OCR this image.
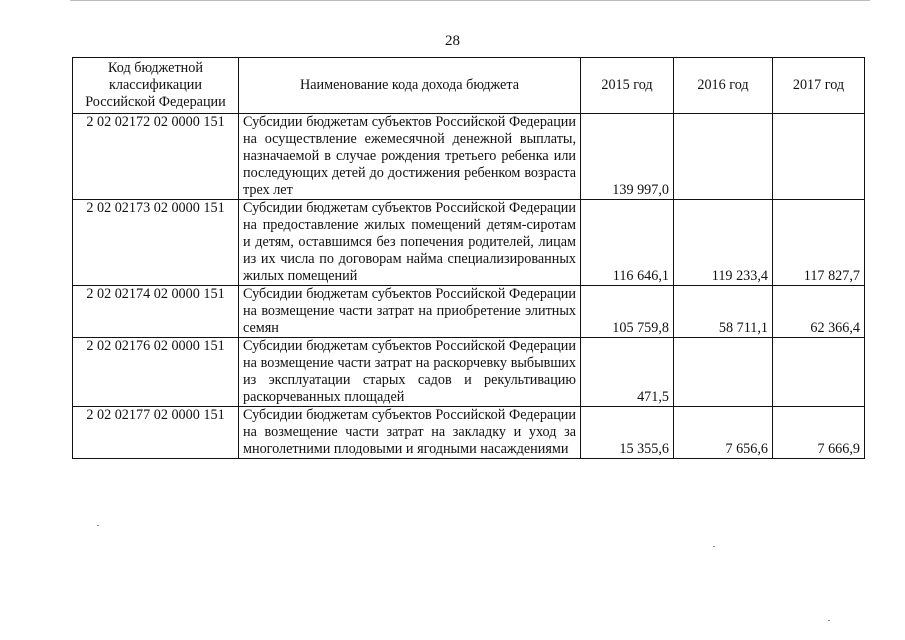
28
Код бюджетной классификации Российской Федерации	Наименование кода дохода бюджета	2015 год	2016 год	2017 год
2 02 02172 02 0000 151	Субсидии бюджетам субъектов Российской Федерации на осуществление ежемесячной денежной выплаты, назначаемой в случае рождения третьего ребенка или последующих детей до достижения ребенком возраста трех лет	139 997,0		
2 02 02173 02 0000 151	Субсидии бюджетам субъектов Российской Федерации на предоставление жилых помещений детям-сиротам и детям, оставшимся без попечения родителей, лицам из их числа по договорам найма специализированных жилых помещений	116 646,1	119 233,4	117 827,7
2 02 02174 02 0000 151	Субсидии бюджетам субъектов Российской Федерации на возмещение части затрат на приобретение элитных семян	105 759,8	58 711,1	62 366,4
2 02 02176 02 0000 151	Субсидии бюджетам субъектов Российской Федерации на возмещение части затрат на раскорчевку выбывших из эксплуатации старых садов и рекультивацию раскорчеванных площадей	471,5		
2 02 02177 02 0000 151	Субсидии бюджетам субъектов Российской Федерации на возмещение части затрат на закладку и уход за многолетними плодовыми и ягодными насаждениями	15 355,6	7 656,6	7 666,9
